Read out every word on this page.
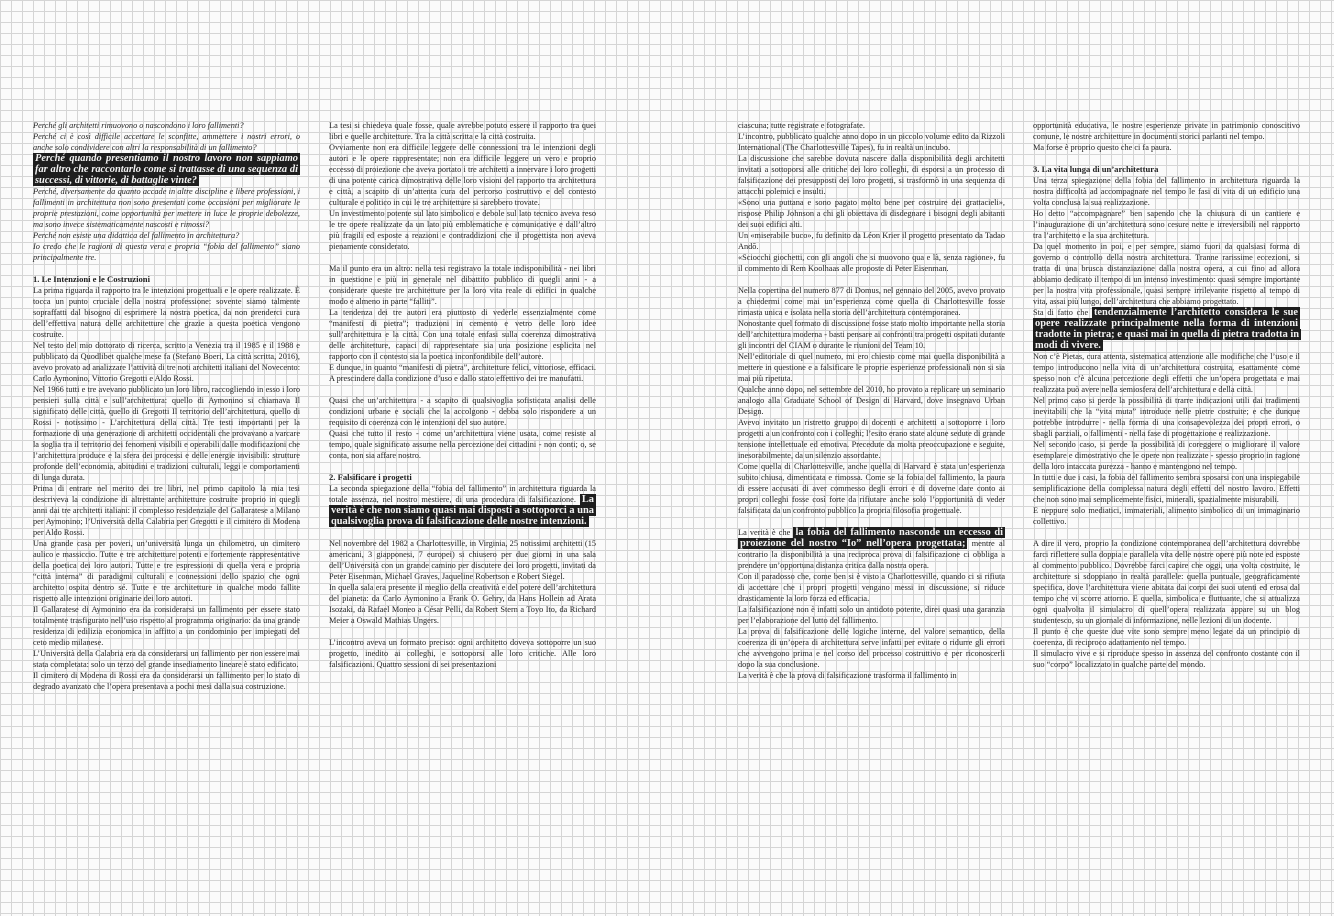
Perché gli architetti rimuovono o nascondono i loro fallimenti?

Perché ci è così difficile accettare le sconfitte, ammettere i nostri errori, o anche solo condividere con altri la responsabilità di un fallimento?

Perché quando presentiamo il nostro lavoro non sappiamo far altro che raccontarlo come si trattasse di una sequenza di successi, di vittorie, di battaglie vinte?

Perché, diversamente da quanto accade in altre discipline e libere professioni, i fallimenti in architettura non sono presentati come occasioni per migliorare le proprie prestazioni, come opportunità per mettere in luce le proprie debolezze, ma sono invece sistematicamente nascosti e rimossi?

Perché non esiste una didattica del fallimento in architettura?

Io credo che le ragioni di questa vera e propria “fobia del fallimento” siano principalmente tre.

1. Le Intenzioni e le Costruzioni

La prima riguarda il rapporto tra le intenzioni progettuali e le opere realizzate. È tocca un punto cruciale della nostra professione: sovente siamo talmente sopraffatti dal bisogno di esprimere la nostra poetica, da non prenderci cura dell’effettiva natura delle architetture che grazie a questa poetica vengono costruite.

Nel testo del mio dottorato di ricerca, scritto a Venezia tra il 1985 e il 1988 e pubblicato da Quodlibet qualche mese fa (Stefano Boeri, La città scritta, 2016), avevo provato ad analizzare l’attività di tre noti architetti italiani del Novecento: Carlo Aymonino, Vittorio Gregotti e Aldo Rossi.

Nel 1966 tutti e tre avevano pubblicato un loro libro, raccogliendo in esso i loro pensieri sulla città e sull’architettura: quello di Aymonino si chiamava Il significato delle città, quello di Gregotti Il territorio dell’architettura, quello di Rossi - notissimo - L’architettura della città. Tre testi importanti per la formazione di una generazione di architetti occidentali che provavano a varcare la soglia tra il territorio dei fenomeni visibili e operabili dalle modificazioni che l’architettura produce e la sfera dei processi e delle energie invisibili: strutture profonde dell’economia, abitudini e tradizioni culturali, leggi e comportamenti di lunga durata.

Prima di entrare nel merito dei tre libri, nel primo capitolo la mia tesi descriveva la condizione di altrettante architetture costruite proprio in quegli anni dai tre architetti italiani: il complesso residenziale del Gallaratese a Milano per Aymonino; l’Università della Calabria per Gregotti e il cimitero di Modena per Aldo Rossi.

Una grande casa per poveri, un’università lunga un chilometro, un cimitero aulico e massiccio. Tutte e tre architetture potenti e fortemente rappresentative della poetica dei loro autori. Tutte e tre espressioni di quella vera e propria “città interna” di paradigmi culturali e connessioni dello spazio che ogni architetto ospita dentro sé. Tutte e tre architetture in qualche modo fallite rispetto alle intenzioni originarie dei loro autori.

Il Gallaratese di Aymonino era da considerarsi un fallimento per essere stato totalmente trasfigurato nell’uso rispetto al programma originario: da una grande residenza di edilizia economica in affitto a un condominio per impiegati del ceto medio milanese.

L’Università della Calabria era da considerarsi un fallimento per non essere mai stata completata: solo un terzo del grande insediamento lineare è stato edificato.

Il cimitero di Modena di Rossi era da considerarsi un fallimento per lo stato di degrado avanzato che l’opera presentava a pochi mesi dalla sua costruzione.

La tesi si chiedeva quale fosse, quale avrebbe potuto essere il rapporto tra quei libri e quelle architetture. Tra la città scritta e la città costruita.

Ovviamente non era difficile leggere delle connessioni tra le intenzioni degli autori e le opere rappresentate; non era difficile leggere un vero e proprio eccesso di proiezione che aveva portato i tre architetti a innervare i loro progetti di una potente carica dimostrativa delle loro visioni del rapporto tra architettura e città, a scapito di un’attenta cura del percorso costruttivo e del contesto culturale e politico in cui le tre architetture si sarebbero trovate.

Un investimento potente sul lato simbolico e debole sul lato tecnico aveva reso le tre opere realizzate da un lato più emblematiche e comunicative e dall’altro più fragili ed esposte a reazioni e contraddizioni che il progettista non aveva pienamente considerato.

Ma il punto era un altro: nella tesi registravo la totale indisponibilità - nei libri in questione e più in generale nel dibattito pubblico di quegli anni - a considerare queste tre architetture per la loro vita reale di edifici in qualche modo e almeno in parte “falliti”.

La tendenza dei tre autori era piuttosto di vederle essenzialmente come “manifesti di pietra”; traduzioni in cemento e vetro delle loro idee sull’architettura e la città. Con una totale enfasi sulla coerenza dimostrativa delle architetture, capaci di rappresentare sia una posizione esplicita nel rapporto con il contesto sia la poetica inconfondibile dell’autore.

E dunque, in quanto “manifesti di pietra”, architetture felici, vittoriose, efficaci. A prescindere dalla condizione d’uso e dallo stato effettivo dei tre manufatti.

Quasi che un’architettura - a scapito di qualsivoglia sofisticata analisi delle condizioni urbane e sociali che la accolgono - debba solo rispondere a un requisito di coerenza con le intenzioni del suo autore.

Quasi che tutto il resto - come un’architettura viene usata, come resiste al tempo, quale significato assume nella percezione dei cittadini - non conti; o, se conta, non sia affare nostro.

2. Falsificare i progetti

La seconda spiegazione della “fobia del fallimento” in architettura riguarda la totale assenza, nel nostro mestiere, di una procedura di falsificazione. La verità è che non siamo quasi mai disposti a sottoporci a una qualsivoglia prova di falsificazione delle nostre intenzioni.

Nel novembre del 1982 a Charlottesville, in Virginia, 25 notissimi architetti (15 americani, 3 giapponesi, 7 europei) si chiusero per due giorni in una sala dell’Università con un grande camino per discutere dei loro progetti, invitati da Peter Eisenman, Michael Graves, Jaqueline Robertson e Robert Siegel.

In quella sala era presente il meglio della creatività e del potere dell’architettura del pianeta: da Carlo Aymonino a Frank O. Gehry, da Hans Hollein ad Arata Isozaki, da Rafael Moneo a César Pelli, da Robert Stern a Toyo Ito, da Richard Meier a Oswald Mathias Ungers.

L’incontro aveva un formato preciso: ogni architetto doveva sottoporre un suo progetto, inedito ai colleghi, e sottoporsi alle loro critiche. Alle loro falsificazioni. Quattro sessioni di sei presentazioni

ciascuna; tutte registrate e fotografate.

L’incontro, pubblicato qualche anno dopo in un piccolo volume edito da Rizzoli International (The Charlottesville Tapes), fu in realtà un incubo.

La discussione che sarebbe dovuta nascere dalla disponibilità degli architetti invitati a sottoporsi alle critiche dei loro colleghi, di esporsi a un processo di falsificazione dei presupposti dei loro progetti, si trasformò in una sequenza di attacchi polemici e insulti.

«Sono una puttana e sono pagato molto bene per costruire dei grattacieli», rispose Philip Johnson a chi gli obiettava di disdegnare i bisogni degli abitanti dei suoi edifici alti.

Un «miserabile buco», fu definito da Léon Krier il progetto presentato da Tadao Andō.

«Sciocchi giochetti, con gli angoli che si muovono qua e là, senza ragione», fu il commento di Rem Koolhaas alle proposte di Peter Eisenman.

Nella copertina del numero 877 di Domus, nel gennaio del 2005, avevo provato a chiedermi come mai un’esperienza come quella di Charlottesville fosse rimasta unica e isolata nella storia dell’architettura contemporanea.

Nonostante quel formato di discussione fosse stato molto importante nella storia dell’architettura moderna - basti pensare ai confronti tra progetti ospitati durante gli incontri del CIAM o durante le riunioni del Team 10.

Nell’editoriale di quel numero, mi ero chiesto come mai quella disponibilità a mettere in questione e a falsificare le proprie esperienze professionali non si sia mai più ripetuta.

Qualche anno dopo, nel settembre del 2010, ho provato a replicare un seminario analogo alla Graduate School of Design di Harvard, dove insegnavo Urban Design.

Avevo invitato un ristretto gruppo di docenti e architetti a sottoporre i loro progetti a un confronto con i colleghi; l’esito erano state alcune sedute di grande tensione intellettuale ed emotiva. Precedute da molta preoccupazione e seguite, inesorabilmente, da un silenzio assordante.

Come quella di Charlottesville, anche quella di Harvard è stata un’esperienza subito chiusa, dimenticata e rimossa. Come se la fobia del fallimento, la paura di essere accusati di aver commesso degli errori e di doverne dare conto ai propri colleghi fosse così forte da rifiutare anche solo l’opportunità di veder falsificata da un confronto pubblico la propria filosofia progettuale.

La verità è che la fobia del fallimento nasconde un eccesso di proiezione del nostro “Io” nell’opera progettata; mentre al contrario la disponibilità a una reciproca prova di falsificazione ci obbliga a prendere un’opportuna distanza critica dalla nostra opera.

Con il paradosso che, come ben si è visto a Charlottesville, quando ci si rifiuta di accettare che i propri progetti vengano messi in discussione, si riduce drasticamente la loro forza ed efficacia.

La falsificazione non è infatti solo un antidoto potente, direi quasi una garanzia per l’elaborazione del lutto del fallimento.

La prova di falsificazione delle logiche interne, del valore semantico, della coerenza di un’opera di architettura serve infatti per evitare o ridurre gli errori che avvengono prima e nel corso del processo costruttivo e per riconoscerli dopo la sua conclusione.

La verità è che la prova di falsificazione trasforma il fallimento in

opportunità educativa, le nostre esperienze private in patrimonio conoscitivo comune, le nostre architetture in documenti storici parlanti nel tempo.

Ma forse è proprio questo che ci fa paura.

3. La vita lunga di un’architettura

Una terza spiegazione della fobia del fallimento in architettura riguarda la nostra difficoltà ad accompagnare nel tempo le fasi di vita di un edificio una volta conclusa la sua realizzazione.

Ho detto “accompagnare” ben sapendo che la chiusura di un cantiere e l’inaugurazione di un’architettura sono cesure nette e irreversibili nel rapporto tra l’architetto e la sua architettura.

Da quel momento in poi, e per sempre, siamo fuori da qualsiasi forma di governo o controllo della nostra architettura. Tranne rarissime eccezioni, si tratta di una brusca distanziazione dalla nostra opera, a cui fino ad allora abbiamo dedicato il tempo di un intenso investimento: quasi sempre importante per la nostra vita professionale, quasi sempre irrilevante rispetto al tempo di vita, assai più lungo, dell’architettura che abbiamo progettato.

Sta di fatto che tendenzialmente l’architetto considera le sue opere realizzate principalmente nella forma di intenzioni tradotte in pietra; e quasi mai in quella di pietra tradotta in modi di vivere.

Non c’è Pietas, cura attenta, sistematica attenzione alle modifiche che l’uso e il tempo introducono nella vita di un’architettura costruita, esattamente come spesso non c’è alcuna percezione degli effetti che un’opera progettata e mai realizzata può avere nella semiosfera dell’architettura e della città.

Nel primo caso si perde la possibilità di trarre indicazioni utili dai tradimenti inevitabili che la “vita muta” introduce nelle pietre costruite; e che dunque potrebbe introdurre - nella forma di una consapevolezza dei propri errori, o sbagli parziali, o fallimenti - nella fase di progettazione e realizzazione.

Nel secondo caso, si perde la possibilità di coreggere o migliorare il valore esemplare e dimostrativo che le opere non realizzate - spesso proprio in ragione della loro intaccata purezza - hanno e mantengono nel tempo.

In tutti e due i casi, la fobia del fallimento sembra sposarsi con una inspiegabile semplificazione della complessa natura degli effetti del nostro lavoro. Effetti che non sono mai semplicemente fisici, minerali, spazialmente misurabili.

E neppure solo mediatici, immateriali, alimento simbolico di un immaginario collettivo.

A dire il vero, proprio la condizione contemporanea dell’architettura dovrebbe farci riflettere sulla doppia e parallela vita delle nostre opere più note ed esposte al commento pubblico. Dovrebbe farci capire che oggi, una volta costruite, le architetture si sdoppiano in realtà parallele: quella puntuale, geograficamente specifica, dove l’architettura viene abitata dai corpi dei suoi utenti ed erosa dal tempo che vi scorre attorno. E quella, simbolica e fluttuante, che si attualizza ogni qualvolta il simulacro di quell’opera realizzata appare su un blog studentesco, su un giornale di informazione, nelle lezioni di un docente.

Il punto è che queste due vite sono sempre meno legate da un principio di coerenza, di reciproco adattamento nel tempo.

Il simulacro vive e si riproduce spesso in assenza del confronto costante con il suo “corpo” localizzato in qualche parte del mondo.
